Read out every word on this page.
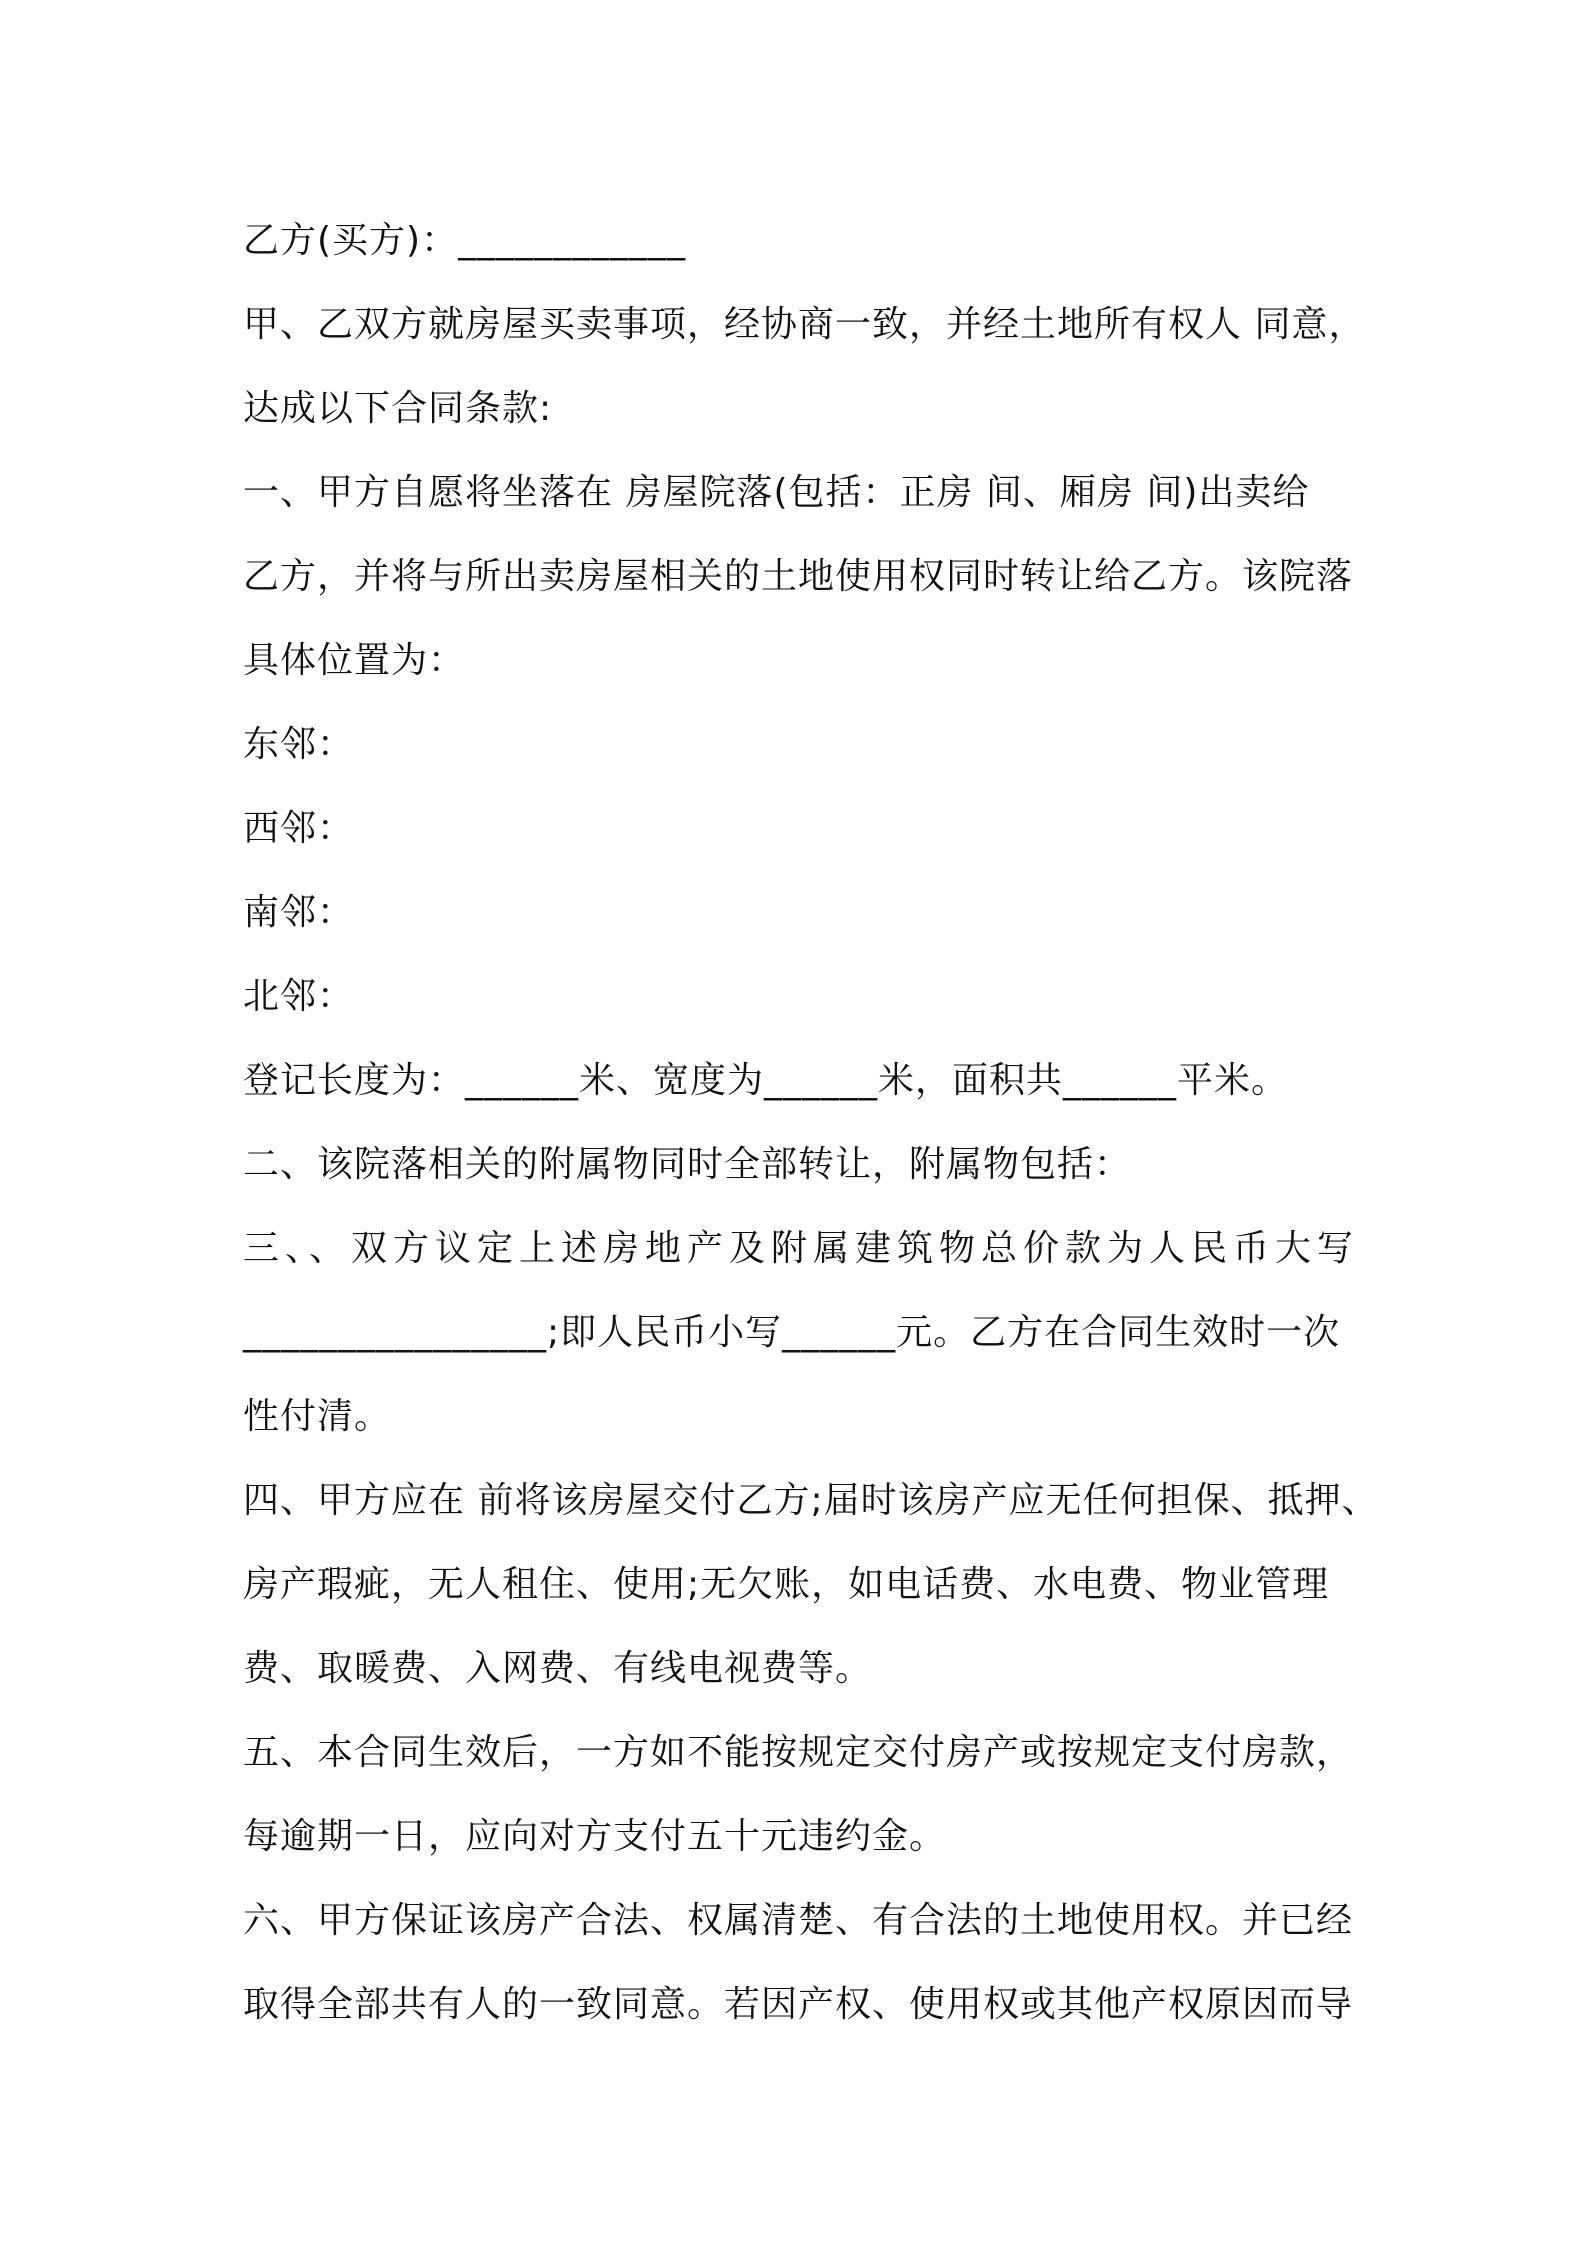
乙方(买方)：____________
甲、乙双方就房屋买卖事项，经协商一致，并经土地所有权人 同意，
达成以下合同条款:
一、甲方自愿将坐落在 房屋院落(包括：正房 间、厢房 间)出卖给
乙方，并将与所出卖房屋相关的土地使用权同时转让给乙方。该院落
具体位置为：
东邻：
西邻：
南邻：
北邻：
登记长度为：______米、宽度为______米，面积共______平米。
二、该院落相关的附属物同时全部转让，附属物包括：
三、、双方议定上述房地产及附属建筑物总价款为人民币大写
________________;即人民币小写______元。乙方在合同生效时一次
性付清。
四、甲方应在 前将该房屋交付乙方;届时该房产应无任何担保、抵押、
房产瑕疵，无人租住、使用;无欠账，如电话费、水电费、物业管理
费、取暖费、入网费、有线电视费等。
五、本合同生效后，一方如不能按规定交付房产或按规定支付房款，
每逾期一日，应向对方支付五十元违约金。
六、甲方保证该房产合法、权属清楚、有合法的土地使用权。并已经
取得全部共有人的一致同意。若因产权、使用权或其他产权原因而导
